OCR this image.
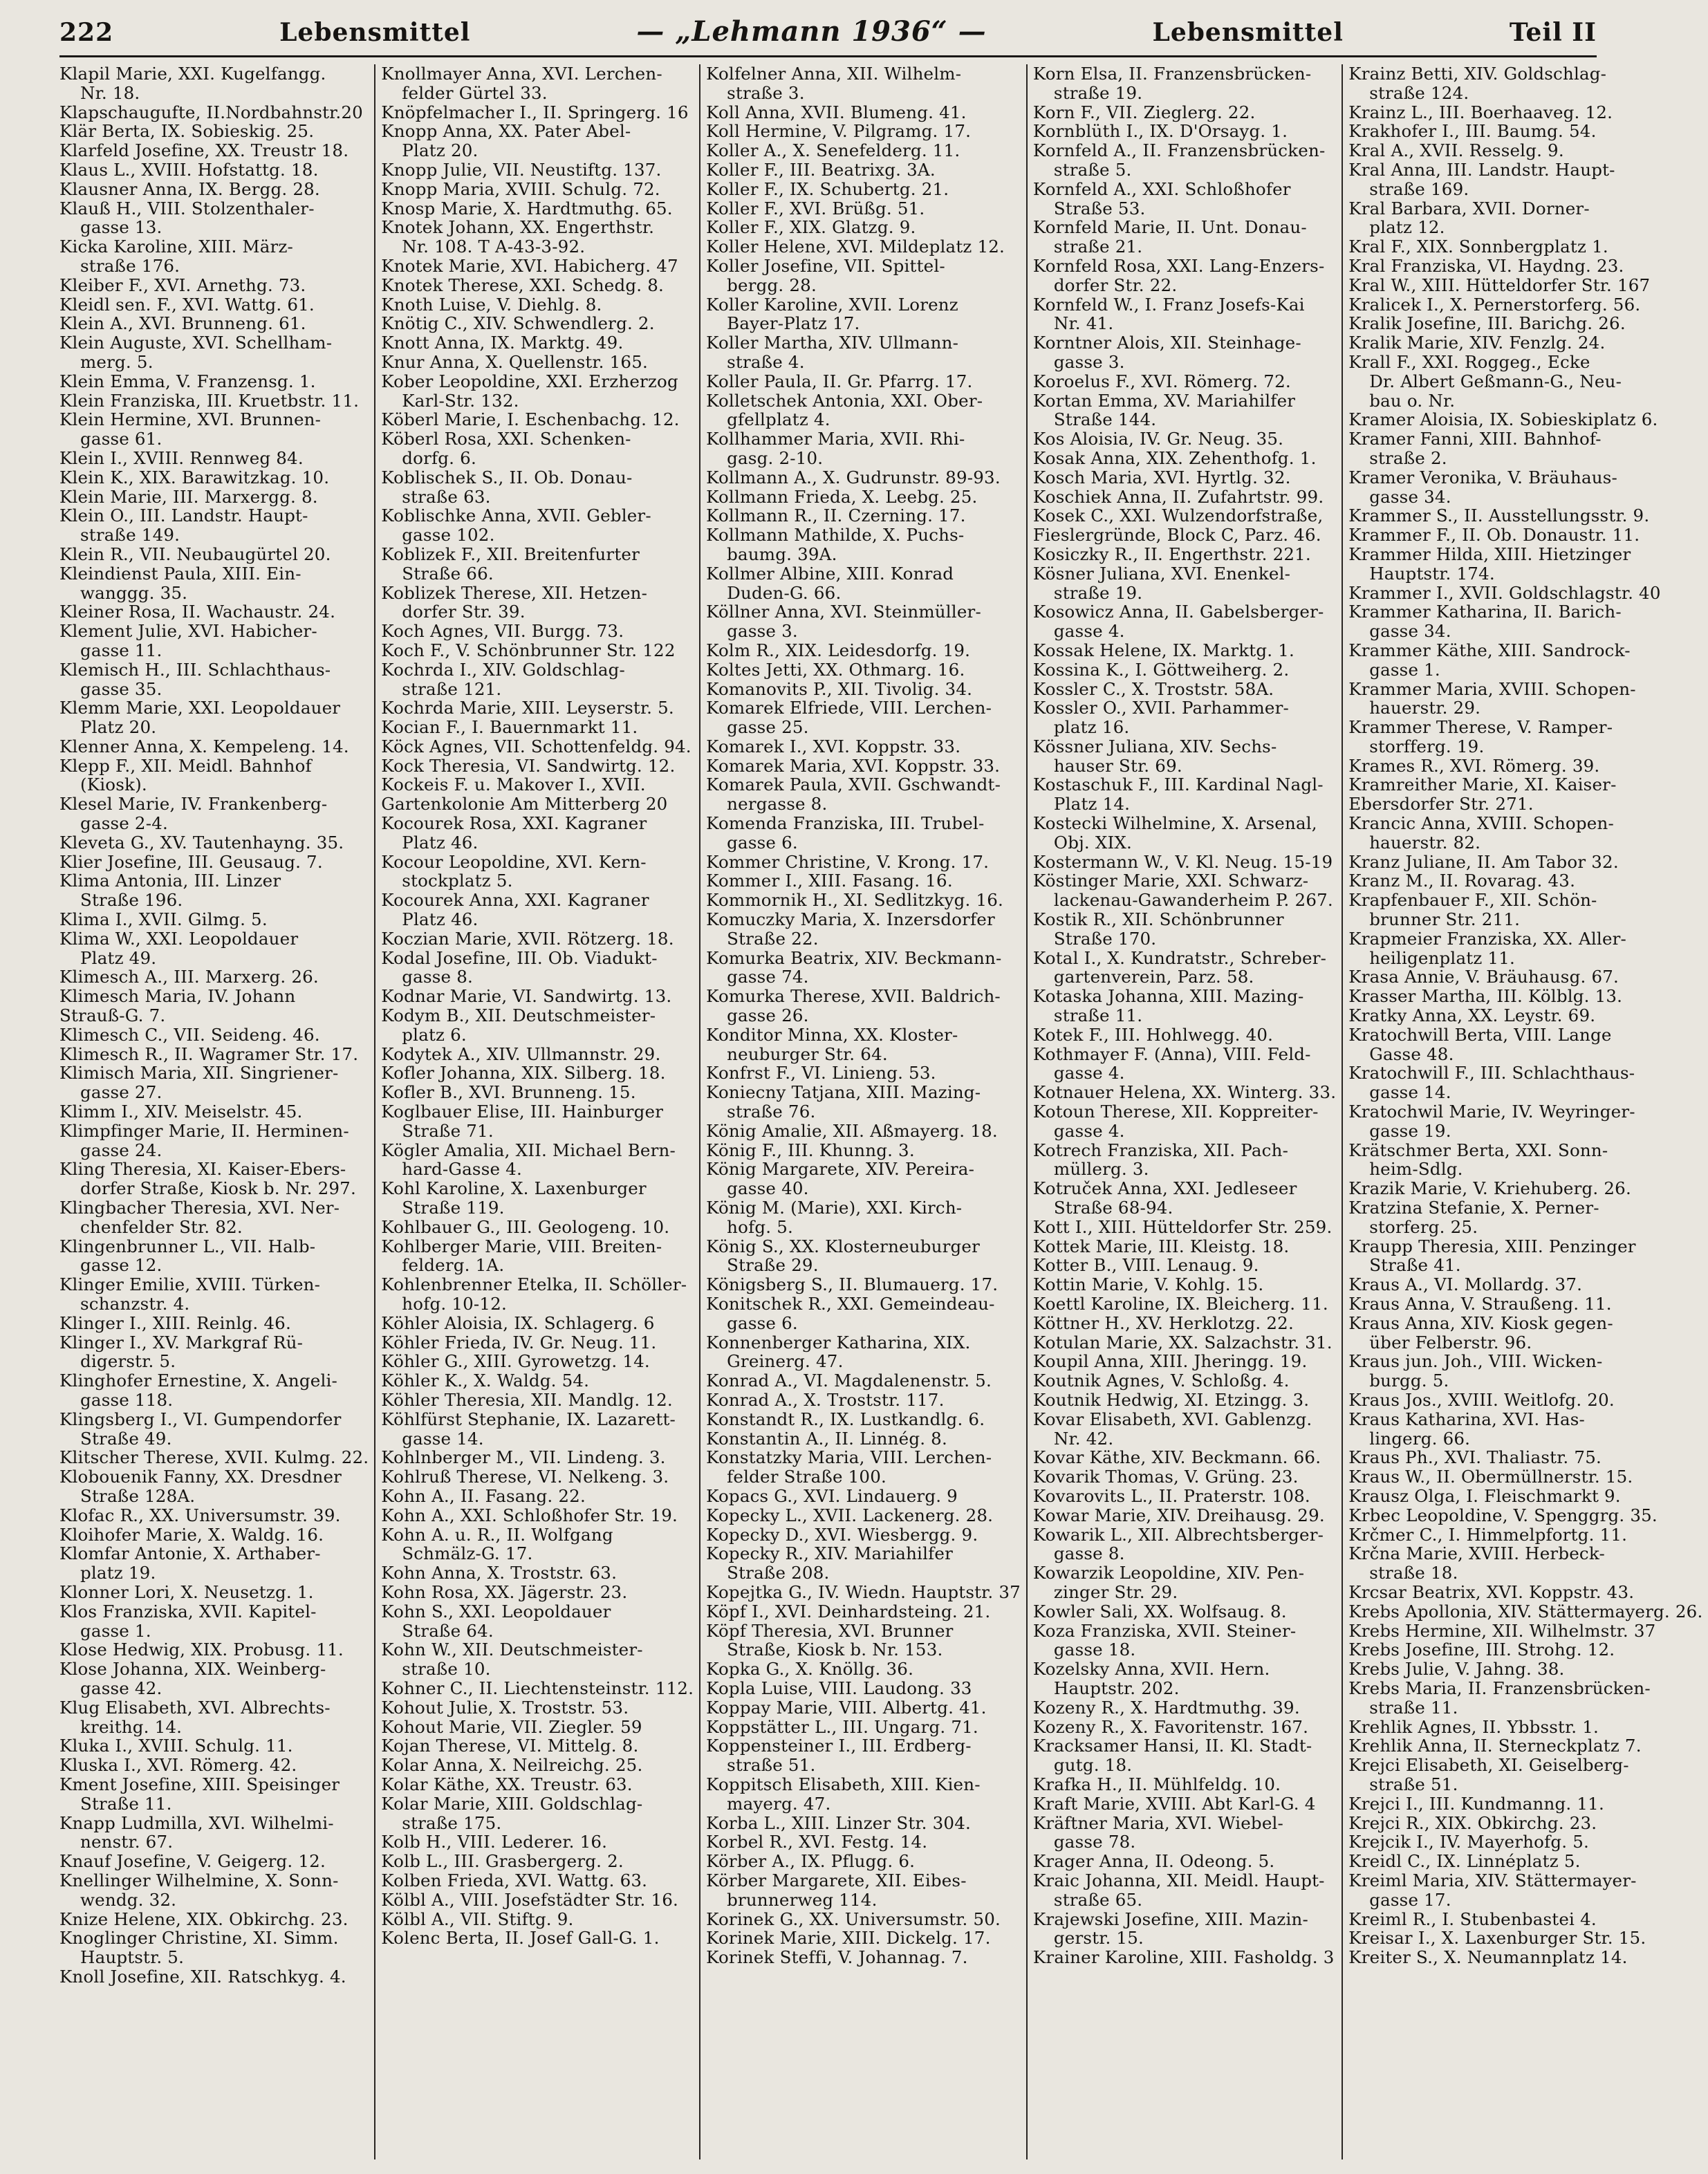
222	Lebensmittel	— „Lehmann 1936“ —	Lebensmittel	Teil II
Klapil Marie, XXI. Kugelfangg.
Nr. 18.
Klapschaugufte, II.Nordbahnstr.20
Klär Berta, IX. Sobieskig. 25.
Klarfeld Josefine, XX. Treustr 18.
Klaus L., XVIII. Hofstattg. 18.
Klausner Anna, IX. Bergg. 28.
Klauß H., VIII. Stolzenthaler-
gasse 13.
Kicka Karoline, XIII. März-
straße 176.
Kleiber F., XVI. Arnethg. 73.
Kleidl sen. F., XVI. Wattg. 61.
Klein A., XVI. Brunneng. 61.
Klein Auguste, XVI. Schellham-
merg. 5.
Klein Emma, V. Franzensg. 1.
Klein Franziska, III. Kruetbstr. 11.
Klein Hermine, XVI. Brunnen-
gasse 61.
Klein I., XVIII. Rennweg 84.
Klein K., XIX. Barawitzkag. 10.
Klein Marie, III. Marxergg. 8.
Klein O., III. Landstr. Haupt-
straße 149.
Klein R., VII. Neubaugürtel 20.
Kleindienst Paula, XIII. Ein-
wanggg. 35.
Kleiner Rosa, II. Wachaustr. 24.
Klement Julie, XVI. Habicher-
gasse 11.
Klemisch H., III. Schlachthaus-
gasse 35.
Klemm Marie, XXI. Leopoldauer
Platz 20.
Klenner Anna, X. Kempeleng. 14.
Klepp F., XII. Meidl. Bahnhof
(Kiosk).
Klesel Marie, IV. Frankenberg-
gasse 2-4.
Kleveta G., XV. Tautenhayng. 35.
Klier Josefine, III. Geusaug. 7.
Klima Antonia, III. Linzer
Straße 196.
Klima I., XVII. Gilmg. 5.
Klima W., XXI. Leopoldauer
Platz 49.
Klimesch A., III. Marxerg. 26.
Klimesch Maria, IV. Johann
Strauß-G. 7.
Klimesch C., VII. Seideng. 46.
Klimesch R., II. Wagramer Str. 17.
Klimisch Maria, XII. Singriener-
gasse 27.
Klimm I., XIV. Meiselstr. 45.
Klimpfinger Marie, II. Herminen-
gasse 24.
Kling Theresia, XI. Kaiser-Ebers-
dorfer Straße, Kiosk b. Nr. 297.
Klingbacher Theresia, XVI. Ner-
chenfelder Str. 82.
Klingenbrunner L., VII. Halb-
gasse 12.
Klinger Emilie, XVIII. Türken-
schanzstr. 4.
Klinger I., XIII. Reinlg. 46.
Klinger I., XV. Markgraf Rü-
digerstr. 5.
Klinghofer Ernestine, X. Angeli-
gasse 118.
Klingsberg I., VI. Gumpendorfer
Straße 49.
Klitscher Therese, XVII. Kulmg. 22.
Klobouenik Fanny, XX. Dresdner
Straße 128A.
Klofac R., XX. Universumstr. 39.
Kloihofer Marie, X. Waldg. 16.
Klomfar Antonie, X. Arthaber-
platz 19.
Klonner Lori, X. Neusetzg. 1.
Klos Franziska, XVII. Kapitel-
gasse 1.
Klose Hedwig, XIX. Probusg. 11.
Klose Johanna, XIX. Weinberg-
gasse 42.
Klug Elisabeth, XVI. Albrechts-
kreithg. 14.
Kluka I., XVIII. Schulg. 11.
Kluska I., XVI. Römerg. 42.
Kment Josefine, XIII. Speisinger
Straße 11.
Knapp Ludmilla, XVI. Wilhelmi-
nenstr. 67.
Knauf Josefine, V. Geigerg. 12.
Knellinger Wilhelmine, X. Sonn-
wendg. 32.
Knize Helene, XIX. Obkirchg. 23.
Knoglinger Christine, XI. Simm.
Hauptstr. 5.
Knoll Josefine, XII. Ratschkyg. 4.
Knollmayer Anna, XVI. Lerchen-
felder Gürtel 33.
Knöpfelmacher I., II. Springerg. 16
Knopp Anna, XX. Pater Abel-
Platz 20.
Knopp Julie, VII. Neustiftg. 137.
Knopp Maria, XVIII. Schulg. 72.
Knosp Marie, X. Hardtmuthg. 65.
Knotek Johann, XX. Engerthstr.
Nr. 108. T A-43-3-92.
Knotek Marie, XVI. Habicherg. 47
Knotek Therese, XXI. Schedg. 8.
Knoth Luise, V. Diehlg. 8.
Knötig C., XIV. Schwendlerg. 2.
Knott Anna, IX. Marktg. 49.
Knur Anna, X. Quellenstr. 165.
Kober Leopoldine, XXI. Erzherzog
Karl-Str. 132.
Köberl Marie, I. Eschenbachg. 12.
Köberl Rosa, XXI. Schenken-
dorfg. 6.
Koblischek S., II. Ob. Donau-
straße 63.
Koblischke Anna, XVII. Gebler-
gasse 102.
Koblizek F., XII. Breitenfurter
Straße 66.
Koblizek Therese, XII. Hetzen-
dorfer Str. 39.
Koch Agnes, VII. Burgg. 73.
Koch F., V. Schönbrunner Str. 122
Kochrda I., XIV. Goldschlag-
straße 121.
Kochrda Marie, XIII. Leyserstr. 5.
Kocian F., I. Bauernmarkt 11.
Köck Agnes, VII. Schottenfeldg. 94.
Kock Theresia, VI. Sandwirtg. 12.
Kockeis F. u. Makover I., XVII.
Gartenkolonie Am Mitterberg 20
Kocourek Rosa, XXI. Kagraner
Platz 46.
Kocour Leopoldine, XVI. Kern-
stockplatz 5.
Kocourek Anna, XXI. Kagraner
Platz 46.
Koczian Marie, XVII. Rötzerg. 18.
Kodal Josefine, III. Ob. Viadukt-
gasse 8.
Kodnar Marie, VI. Sandwirtg. 13.
Kodym B., XII. Deutschmeister-
platz 6.
Kodytek A., XIV. Ullmannstr. 29.
Kofler Johanna, XIX. Silberg. 18.
Kofler B., XVI. Brunneng. 15.
Koglbauer Elise, III. Hainburger
Straße 71.
Kögler Amalia, XII. Michael Bern-
hard-Gasse 4.
Kohl Karoline, X. Laxenburger
Straße 119.
Kohlbauer G., III. Geologeng. 10.
Kohlberger Marie, VIII. Breiten-
felderg. 1A.
Kohlenbrenner Etelka, II. Schöller-
hofg. 10-12.
Köhler Aloisia, IX. Schlagerg. 6
Köhler Frieda, IV. Gr. Neug. 11.
Köhler G., XIII. Gyrowetzg. 14.
Köhler K., X. Waldg. 54.
Köhler Theresia, XII. Mandlg. 12.
Köhlfürst Stephanie, IX. Lazarett-
gasse 14.
Kohlnberger M., VII. Lindeng. 3.
Kohlruß Therese, VI. Nelkeng. 3.
Kohn A., II. Fasang. 22.
Kohn A., XXI. Schloßhofer Str. 19.
Kohn A. u. R., II. Wolfgang
Schmälz-G. 17.
Kohn Anna, X. Troststr. 63.
Kohn Rosa, XX. Jägerstr. 23.
Kohn S., XXI. Leopoldauer
Straße 64.
Kohn W., XII. Deutschmeister-
straße 10.
Kohner C., II. Liechtensteinstr. 112.
Kohout Julie, X. Troststr. 53.
Kohout Marie, VII. Ziegler. 59
Kojan Therese, VI. Mittelg. 8.
Kolar Anna, X. Neilreichg. 25.
Kolar Käthe, XX. Treustr. 63.
Kolar Marie, XIII. Goldschlag-
straße 175.
Kolb H., VIII. Lederer. 16.
Kolb L., III. Grasbergerg. 2.
Kolben Frieda, XVI. Wattg. 63.
Kölbl A., VIII. Josefstädter Str. 16.
Kölbl A., VII. Stiftg. 9.
Kolenc Berta, II. Josef Gall-G. 1.
Kolfelner Anna, XII. Wilhelm-
straße 3.
Koll Anna, XVII. Blumeng. 41.
Koll Hermine, V. Pilgramg. 17.
Koller A., X. Senefelderg. 11.
Koller F., III. Beatrixg. 3A.
Koller F., IX. Schubertg. 21.
Koller F., XVI. Brüßg. 51.
Koller F., XIX. Glatzg. 9.
Koller Helene, XVI. Mildeplatz 12.
Koller Josefine, VII. Spittel-
bergg. 28.
Koller Karoline, XVII. Lorenz
Bayer-Platz 17.
Koller Martha, XIV. Ullmann-
straße 4.
Koller Paula, II. Gr. Pfarrg. 17.
Kolletschek Antonia, XXI. Ober-
gfellplatz 4.
Kollhammer Maria, XVII. Rhi-
gasg. 2-10.
Kollmann A., X. Gudrunstr. 89-93.
Kollmann Frieda, X. Leebg. 25.
Kollmann R., II. Czerning. 17.
Kollmann Mathilde, X. Puchs-
baumg. 39A.
Kollmer Albine, XIII. Konrad
Duden-G. 66.
Köllner Anna, XVI. Steinmüller-
gasse 3.
Kolm R., XIX. Leidesdorfg. 19.
Koltes Jetti, XX. Othmarg. 16.
Komanovits P., XII. Tivolig. 34.
Komarek Elfriede, VIII. Lerchen-
gasse 25.
Komarek I., XVI. Koppstr. 33.
Komarek Maria, XVI. Koppstr. 33.
Komarek Paula, XVII. Gschwandt-
nergasse 8.
Komenda Franziska, III. Trubel-
gasse 6.
Kommer Christine, V. Krong. 17.
Kommer I., XIII. Fasang. 16.
Kommornik H., XI. Sedlitzkyg. 16.
Komuczky Maria, X. Inzersdorfer
Straße 22.
Komurka Beatrix, XIV. Beckmann-
gasse 74.
Komurka Therese, XVII. Baldrich-
gasse 26.
Konditor Minna, XX. Kloster-
neuburger Str. 64.
Konfrst F., VI. Linieng. 53.
Koniecny Tatjana, XIII. Mazing-
straße 76.
König Amalie, XII. Aßmayerg. 18.
König F., III. Khunng. 3.
König Margarete, XIV. Pereira-
gasse 40.
König M. (Marie), XXI. Kirch-
hofg. 5.
König S., XX. Klosterneuburger
Straße 29.
Königsberg S., II. Blumauerg. 17.
Konitschek R., XXI. Gemeindeau-
gasse 6.
Konnenberger Katharina, XIX.
Greinerg. 47.
Konrad A., VI. Magdalenenstr. 5.
Konrad A., X. Troststr. 117.
Konstandt R., IX. Lustkandlg. 6.
Konstantin A., II. Linnég. 8.
Konstatzky Maria, VIII. Lerchen-
felder Straße 100.
Kopacs G., XVI. Lindauerg. 9
Kopecky L., XVII. Lackenerg. 28.
Kopecky D., XVI. Wiesbergg. 9.
Kopecky R., XIV. Mariahilfer
Straße 208.
Kopejtka G., IV. Wiedn. Hauptstr. 37
Köpf I., XVI. Deinhardsteing. 21.
Köpf Theresia, XVI. Brunner
Straße, Kiosk b. Nr. 153.
Kopka G., X. Knöllg. 36.
Kopla Luise, VIII. Laudong. 33
Koppay Marie, VIII. Albertg. 41.
Koppstätter L., III. Ungarg. 71.
Koppensteiner I., III. Erdberg-
straße 51.
Koppitsch Elisabeth, XIII. Kien-
mayerg. 47.
Korba L., XIII. Linzer Str. 304.
Korbel R., XVI. Festg. 14.
Körber A., IX. Pflugg. 6.
Körber Margarete, XII. Eibes-
brunnerweg 114.
Korinek G., XX. Universumstr. 50.
Korinek Marie, XIII. Dickelg. 17.
Korinek Steffi, V. Johannag. 7.
Korn Elsa, II. Franzensbrücken-
straße 19.
Korn F., VII. Zieglerg. 22.
Kornblüth I., IX. D'Orsayg. 1.
Kornfeld A., II. Franzensbrücken-
straße 5.
Kornfeld A., XXI. Schloßhofer
Straße 53.
Kornfeld Marie, II. Unt. Donau-
straße 21.
Kornfeld Rosa, XXI. Lang-Enzers-
dorfer Str. 22.
Kornfeld W., I. Franz Josefs-Kai
Nr. 41.
Korntner Alois, XII. Steinhage-
gasse 3.
Koroelus F., XVI. Römerg. 72.
Kortan Emma, XV. Mariahilfer
Straße 144.
Kos Aloisia, IV. Gr. Neug. 35.
Kosak Anna, XIX. Zehenthofg. 1.
Kosch Maria, XVI. Hyrtlg. 32.
Koschiek Anna, II. Zufahrtstr. 99.
Kosek C., XXI. Wulzendorfstraße,
Fieslergründe, Block C, Parz. 46.
Kosiczky R., II. Engerthstr. 221.
Kösner Juliana, XVI. Enenkel-
straße 19.
Kosowicz Anna, II. Gabelsberger-
gasse 4.
Kossak Helene, IX. Marktg. 1.
Kossina K., I. Göttweiherg. 2.
Kossler C., X. Troststr. 58A.
Kossler O., XVII. Parhammer-
platz 16.
Kössner Juliana, XIV. Sechs-
hauser Str. 69.
Kostaschuk F., III. Kardinal Nagl-
Platz 14.
Kostecki Wilhelmine, X. Arsenal,
Obj. XIX.
Kostermann W., V. Kl. Neug. 15-19
Köstinger Marie, XXI. Schwarz-
lackenau-Gawanderheim P. 267.
Kostik R., XII. Schönbrunner
Straße 170.
Kotal I., X. Kundratstr., Schreber-
gartenverein, Parz. 58.
Kotaska Johanna, XIII. Mazing-
straße 11.
Kotek F., III. Hohlwegg. 40.
Kothmayer F. (Anna), VIII. Feld-
gasse 4.
Kotnauer Helena, XX. Winterg. 33.
Kotoun Therese, XII. Koppreiter-
gasse 4.
Kotrech Franziska, XII. Pach-
müllerg. 3.
Kotruček Anna, XXI. Jedleseer
Straße 68-94.
Kott I., XIII. Hütteldorfer Str. 259.
Kottek Marie, III. Kleistg. 18.
Kotter B., VIII. Lenaug. 9.
Kottin Marie, V. Kohlg. 15.
Koettl Karoline, IX. Bleicherg. 11.
Köttner H., XV. Herklotzg. 22.
Kotulan Marie, XX. Salzachstr. 31.
Koupil Anna, XIII. Jheringg. 19.
Koutnik Agnes, V. Schloßg. 4.
Koutnik Hedwig, XI. Etzingg. 3.
Kovar Elisabeth, XVI. Gablenzg.
Nr. 42.
Kovar Käthe, XIV. Beckmann. 66.
Kovarik Thomas, V. Grüng. 23.
Kovarovits L., II. Praterstr. 108.
Kowar Marie, XIV. Dreihausg. 29.
Kowarik L., XII. Albrechtsberger-
gasse 8.
Kowarzik Leopoldine, XIV. Pen-
zinger Str. 29.
Kowler Sali, XX. Wolfsaug. 8.
Koza Franziska, XVII. Steiner-
gasse 18.
Kozelsky Anna, XVII. Hern.
Hauptstr. 202.
Kozeny R., X. Hardtmuthg. 39.
Kozeny R., X. Favoritenstr. 167.
Kracksamer Hansi, II. Kl. Stadt-
gutg. 18.
Krafka H., II. Mühlfeldg. 10.
Kraft Marie, XVIII. Abt Karl-G. 4
Kräftner Maria, XVI. Wiebel-
gasse 78.
Krager Anna, II. Odeong. 5.
Kraic Johanna, XII. Meidl. Haupt-
straße 65.
Krajewski Josefine, XIII. Mazin-
gerstr. 15.
Krainer Karoline, XIII. Fasholdg. 3
Krainz Betti, XIV. Goldschlag-
straße 124.
Krainz L., III. Boerhaaveg. 12.
Krakhofer I., III. Baumg. 54.
Kral A., XVII. Resselg. 9.
Kral Anna, III. Landstr. Haupt-
straße 169.
Kral Barbara, XVII. Dorner-
platz 12.
Kral F., XIX. Sonnbergplatz 1.
Kral Franziska, VI. Haydng. 23.
Kral W., XIII. Hütteldorfer Str. 167
Kralicek I., X. Pernerstorferg. 56.
Kralik Josefine, III. Barichg. 26.
Kralik Marie, XIV. Fenzlg. 24.
Krall F., XXI. Roggeg., Ecke
Dr. Albert Geßmann-G., Neu-
bau o. Nr.
Kramer Aloisia, IX. Sobieskiplatz 6.
Kramer Fanni, XIII. Bahnhof-
straße 2.
Kramer Veronika, V. Bräuhaus-
gasse 34.
Krammer S., II. Ausstellungsstr. 9.
Krammer F., II. Ob. Donaustr. 11.
Krammer Hilda, XIII. Hietzinger
Hauptstr. 174.
Krammer I., XVII. Goldschlagstr. 40
Krammer Katharina, II. Barich-
gasse 34.
Krammer Käthe, XIII. Sandrock-
gasse 1.
Krammer Maria, XVIII. Schopen-
hauerstr. 29.
Krammer Therese, V. Ramper-
storfferg. 19.
Krames R., XVI. Römerg. 39.
Kramreither Marie, XI. Kaiser-
Ebersdorfer Str. 271.
Krancic Anna, XVIII. Schopen-
hauerstr. 82.
Kranz Juliane, II. Am Tabor 32.
Kranz M., II. Rovarag. 43.
Krapfenbauer F., XII. Schön-
brunner Str. 211.
Krapmeier Franziska, XX. Aller-
heiligenplatz 11.
Krasa Annie, V. Bräuhausg. 67.
Krasser Martha, III. Kölblg. 13.
Kratky Anna, XX. Leystr. 69.
Kratochwill Berta, VIII. Lange
Gasse 48.
Kratochwill F., III. Schlachthaus-
gasse 14.
Kratochwil Marie, IV. Weyringer-
gasse 19.
Krätschmer Berta, XXI. Sonn-
heim-Sdlg.
Krazik Marie, V. Kriehuberg. 26.
Kratzina Stefanie, X. Perner-
storferg. 25.
Kraupp Theresia, XIII. Penzinger
Straße 41.
Kraus A., VI. Mollardg. 37.
Kraus Anna, V. Straußeng. 11.
Kraus Anna, XIV. Kiosk gegen-
über Felberstr. 96.
Kraus jun. Joh., VIII. Wicken-
burgg. 5.
Kraus Jos., XVIII. Weitlofg. 20.
Kraus Katharina, XVI. Has-
lingerg. 66.
Kraus Ph., XVI. Thaliastr. 75.
Kraus W., II. Obermüllnerstr. 15.
Krausz Olga, I. Fleischmarkt 9.
Krbec Leopoldine, V. Spenggrg. 35.
Krčmer C., I. Himmelpfortg. 11.
Krčna Marie, XVIII. Herbeck-
straße 18.
Krcsar Beatrix, XVI. Koppstr. 43.
Krebs Apollonia, XIV. Stättermayerg. 26.
Krebs Hermine, XII. Wilhelmstr. 37
Krebs Josefine, III. Strohg. 12.
Krebs Julie, V. Jahng. 38.
Krebs Maria, II. Franzensbrücken-
straße 11.
Krehlik Agnes, II. Ybbsstr. 1.
Krehlik Anna, II. Sterneckplatz 7.
Krejci Elisabeth, XI. Geiselberg-
straße 51.
Krejci I., III. Kundmanng. 11.
Krejci R., XIX. Obkirchg. 23.
Krejcik I., IV. Mayerhofg. 5.
Kreidl C., IX. Linnéplatz 5.
Kreiml Maria, XIV. Stättermayer-
gasse 17.
Kreiml R., I. Stubenbastei 4.
Kreisar I., X. Laxenburger Str. 15.
Kreiter S., X. Neumannplatz 14.
